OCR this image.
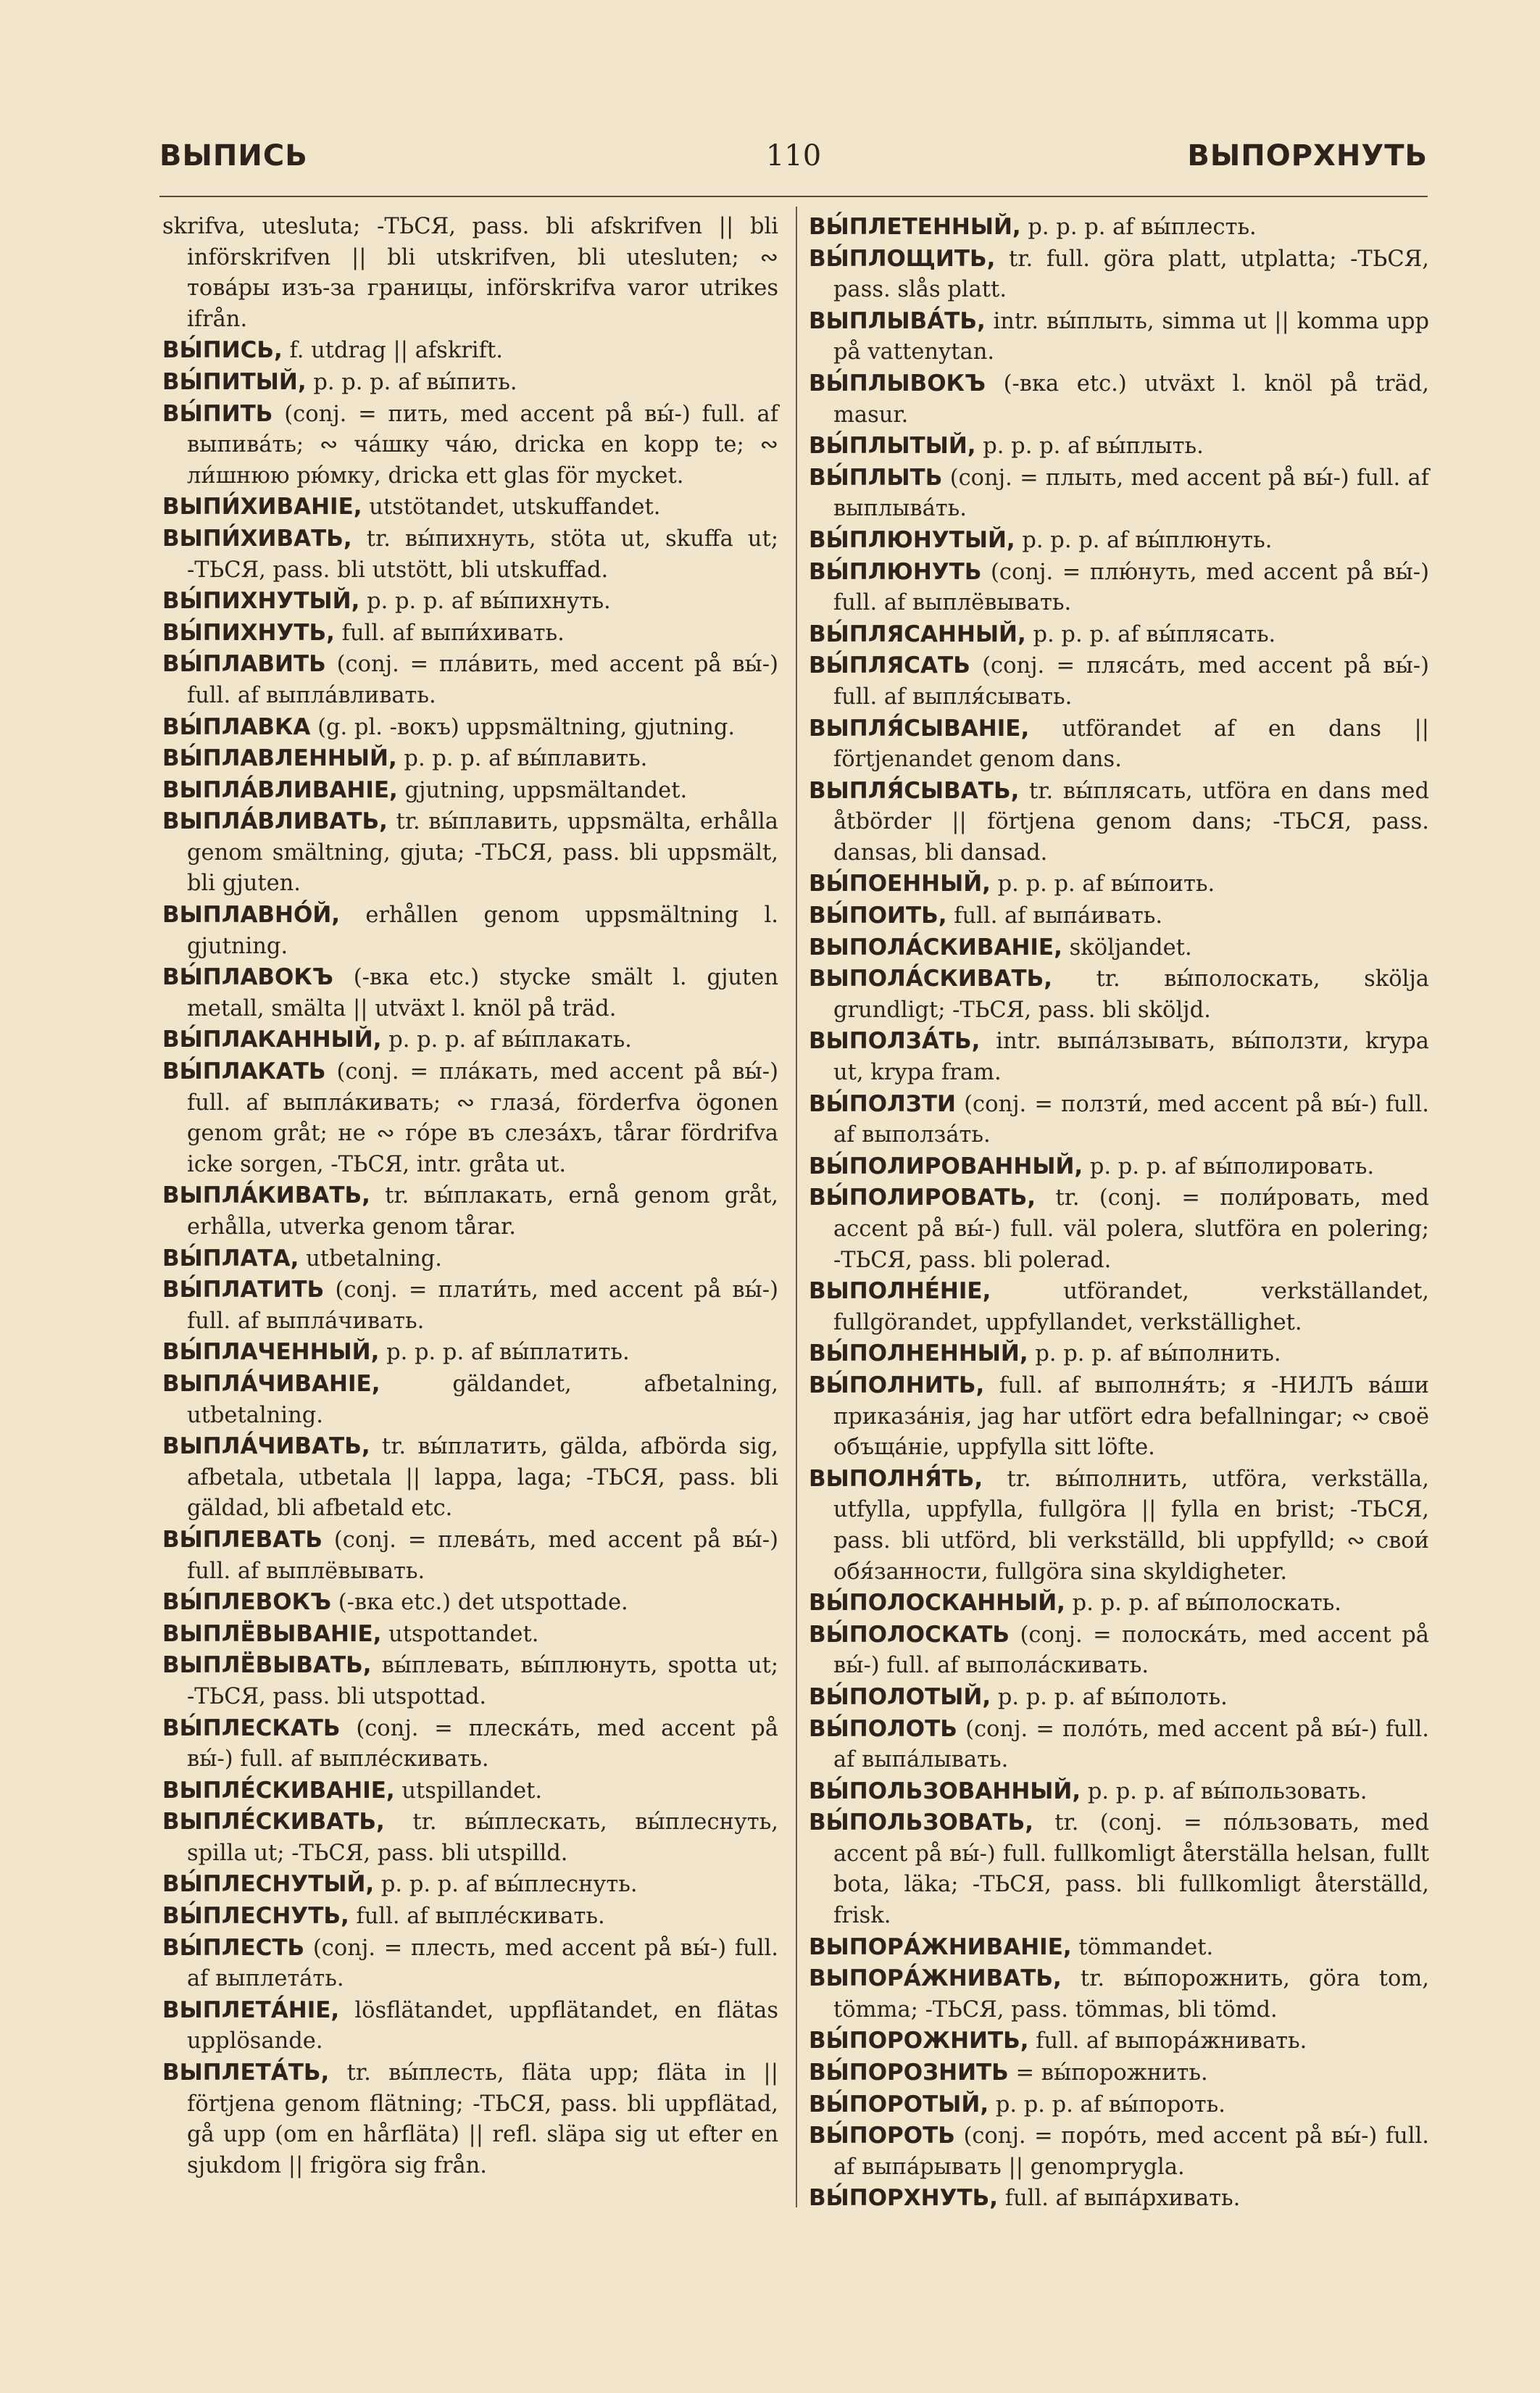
ВЫПИСЬ	110	ВЫПОРХНУТЬ

skrifva, utesluta; -ТЬСЯ, pass. bli afskrifven || bli införskrifven || bli utskrifven, bli utesluten; ∾ товáры изъ-за границы, införskrifva varor utrikes ifrån.

ВЫ́ПИСЬ, f. utdrag || afskrift.

ВЫ́ПИТЫЙ, p. p. p. af вы́пить.

ВЫ́ПИТЬ (conj. = пить, med accent på вы́-) full. af выпивáть; ∾ чáшку чáю, dricka en kopp te; ∾ ли́шнюю рю́мку, dricka ett glas för mycket.

ВЫПИ́ХИВАНІЕ, utstötandet, utskuffandet.

ВЫПИ́ХИВАТЬ, tr. вы́пихнуть, stöta ut, skuffa ut; -ТЬСЯ, pass. bli utstött, bli utskuffad.

ВЫ́ПИХНУТЫЙ, p. p. p. af вы́пихнуть.

ВЫ́ПИХНУТЬ, full. af выпи́хивать.

ВЫ́ПЛАВИТЬ (conj. = плáвить, med accent på вы́-) full. af выплáвливать.

ВЫ́ПЛАВКА (g. pl. -вокъ) uppsmältning, gjutning.

ВЫ́ПЛАВЛЕННЫЙ, p. p. p. af вы́плавить.

ВЫПЛА́ВЛИВАНІЕ, gjutning, uppsmältandet.

ВЫПЛА́ВЛИВАТЬ, tr. вы́плавить, uppsmälta, erhålla genom smältning, gjuta; -ТЬСЯ, pass. bli uppsmält, bli gjuten.

ВЫПЛАВНО́Й, erhållen genom uppsmältning l. gjutning.

ВЫ́ПЛАВОКЪ (-вка etc.) stycke smält l. gjuten metall, smälta || utväxt l. knöl på träd.

ВЫ́ПЛАКАННЫЙ, p. p. p. af вы́плакать.

ВЫ́ПЛАКАТЬ (conj. = плáкать, med accent på вы́-) full. af выплáкивать; ∾ глазá, förderfva ögonen genom gråt; не ∾ гóре въ слезáхъ, tårar fördrifva icke sorgen, -ТЬСЯ, intr. gråta ut.

ВЫПЛА́КИВАТЬ, tr. вы́плакать, ernå genom gråt, erhålla, utverka genom tårar.

ВЫ́ПЛАТА, utbetalning.

ВЫ́ПЛАТИТЬ (conj. = плати́ть, med accent på вы́-) full. af выплáчивать.

ВЫ́ПЛАЧЕННЫЙ, p. p. p. af вы́платить.

ВЫПЛА́ЧИВАНІЕ,	gäldandet, afbetalning, utbetalning.

ВЫПЛА́ЧИВАТЬ, tr. вы́платить, gälda, afbörda sig, afbetala, utbetala || lappa, laga; -ТЬСЯ, pass. bli gäldad, bli afbetald etc.

ВЫ́ПЛЕВАТЬ (conj. = плевáть, med accent på вы́-) full. af выплёвывать.

ВЫ́ПЛЕВОКЪ (-вка etc.) det utspottade.

ВЫПЛЁВЫВАНІЕ, utspottandet.

ВЫПЛЁВЫВАТЬ, вы́плевать, вы́плюнуть, spotta ut; -ТЬСЯ, pass. bli utspottad.

ВЫ́ПЛЕСКАТЬ (conj. = плескáть, med accent på вы́-) full. af выплéскивать.

ВЫПЛЕ́СКИВАНІЕ, utspillandet.

ВЫПЛЕ́СКИВАТЬ, tr. вы́плескать, вы́плеснуть, spilla ut; -ТЬСЯ, pass. bli utspilld.

ВЫ́ПЛЕСНУТЫЙ, p. p. p. af вы́плеснуть.

ВЫ́ПЛЕСНУТЬ, full. af выплéскивать.

ВЫ́ПЛЕСТЬ (conj. = плесть, med accent på вы́-) full. af выплетáть.

ВЫПЛЕТА́НІЕ, lösflätandet, uppflätandet, en flätas upplösande.

ВЫПЛЕТА́ТЬ, tr. вы́плесть, fläta upp; fläta in || förtjena genom flätning; -ТЬСЯ, pass. bli uppflätad, gå upp (om en hårfläta) || refl. släpa sig ut efter en sjukdom || frigöra sig från.

ВЫ́ПЛЕТЕННЫЙ, p. p. p. af вы́плесть.

ВЫ́ПЛОЩИТЬ, tr. full. göra platt, utplatta; -ТЬСЯ, pass. slås platt.

ВЫПЛЫВА́ТЬ, intr. вы́плыть, simma ut || komma upp på vattenytan.

ВЫ́ПЛЫВОКЪ (-вка etc.) utväxt l. knöl på träd, masur.

ВЫ́ПЛЫТЫЙ, p. p. p. af вы́плыть.

ВЫ́ПЛЫТЬ (conj. = плыть, med accent på вы́-) full. af выплывáть.

ВЫ́ПЛЮНУТЫЙ, p. p. p. af вы́плюнуть.

ВЫ́ПЛЮНУТЬ (conj. = плю́нуть, med accent på вы́-) full. af выплёвывать.

ВЫ́ПЛЯСАННЫЙ, p. p. p. af вы́плясать.

ВЫ́ПЛЯСАТЬ (conj. = плясáть, med accent på вы́-) full. af выпля́сывать.

ВЫПЛЯ́СЫВАНІЕ, utförandet af en dans || förtjenandet genom dans.

ВЫПЛЯ́СЫВАТЬ, tr. вы́плясать, utföra en dans med åtbörder || förtjena genom dans; -ТЬСЯ, pass. dansas, bli dansad.

ВЫ́ПОЕННЫЙ, p. p. p. af вы́поить.

ВЫ́ПОИТЬ, full. af выпáивать.

ВЫПОЛА́СКИВАНІЕ, sköljandet.

ВЫПОЛА́СКИВАТЬ, tr. вы́полоскать, skölja grundligt; -ТЬСЯ, pass. bli sköljd.

ВЫПОЛЗА́ТЬ, intr. выпáлзывать, вы́ползти, krypa ut, krypa fram.

ВЫ́ПОЛЗТИ (conj. = ползти́, med accent på вы́-) full. af выползáть.

ВЫ́ПОЛИРОВАННЫЙ, p. p. p. af вы́полировать.

ВЫ́ПОЛИРОВАТЬ, tr. (conj. = поли́ровать, med accent på вы́-) full. väl polera, slutföra en polering; -ТЬСЯ, pass. bli polerad.

ВЫПОЛНЕ́НІЕ,	utförandet, verkställandet, fullgörandet, uppfyllandet, verkställighet.

ВЫ́ПОЛНЕННЫЙ, p. p. p. af вы́полнить.

ВЫ́ПОЛНИТЬ, full. af выполня́ть; я -НИЛЪ вáши приказáнія, jag har utfört edra befallningar; ∾ своё объщáніе, uppfylla sitt löfte.

ВЫПОЛНЯ́ТЬ, tr. вы́полнить, utföra, verkställa, utfylla, uppfylla, fullgöra || fylla en brist; -ТЬСЯ, pass. bli utförd, bli verkställd, bli uppfylld; ∾ свои́ обя́занности, fullgöra sina skyldigheter.

ВЫ́ПОЛОСКАННЫЙ, p. p. p. af вы́полоскать.

ВЫ́ПОЛОСКАТЬ (conj. = полоскáть, med accent på вы́-) full. af выполáскивать.

ВЫ́ПОЛОТЫЙ, p. p. p. af вы́полоть.

ВЫ́ПОЛОТЬ (conj. = полóть, med accent på вы́-) full. af выпáлывать.

ВЫ́ПОЛЬЗОВАННЫЙ, p. p. p. af вы́пользовать.

ВЫ́ПОЛЬЗОВАТЬ, tr. (conj. = пóльзовать, med accent på вы́-) full. fullkomligt återställa helsan, fullt bota, läka; -ТЬСЯ, pass. bli fullkomligt återställd, frisk.

ВЫПОРА́ЖНИВАНІЕ, tömmandet.

ВЫПОРА́ЖНИВАТЬ, tr. вы́порожнить, göra tom, tömma; -ТЬСЯ, pass. tömmas, bli tömd.

ВЫ́ПОРОЖНИТЬ, full. af выпорáжнивать.

ВЫ́ПОРОЗНИТЬ = вы́порожнить.

ВЫ́ПОРОТЫЙ, p. p. p. af вы́пороть.

ВЫ́ПОРОТЬ (conj. = порóть, med accent på вы́-) full. af выпáрывать || genomprygla.

ВЫ́ПОРХНУТЬ, full. af выпáрхивать.
